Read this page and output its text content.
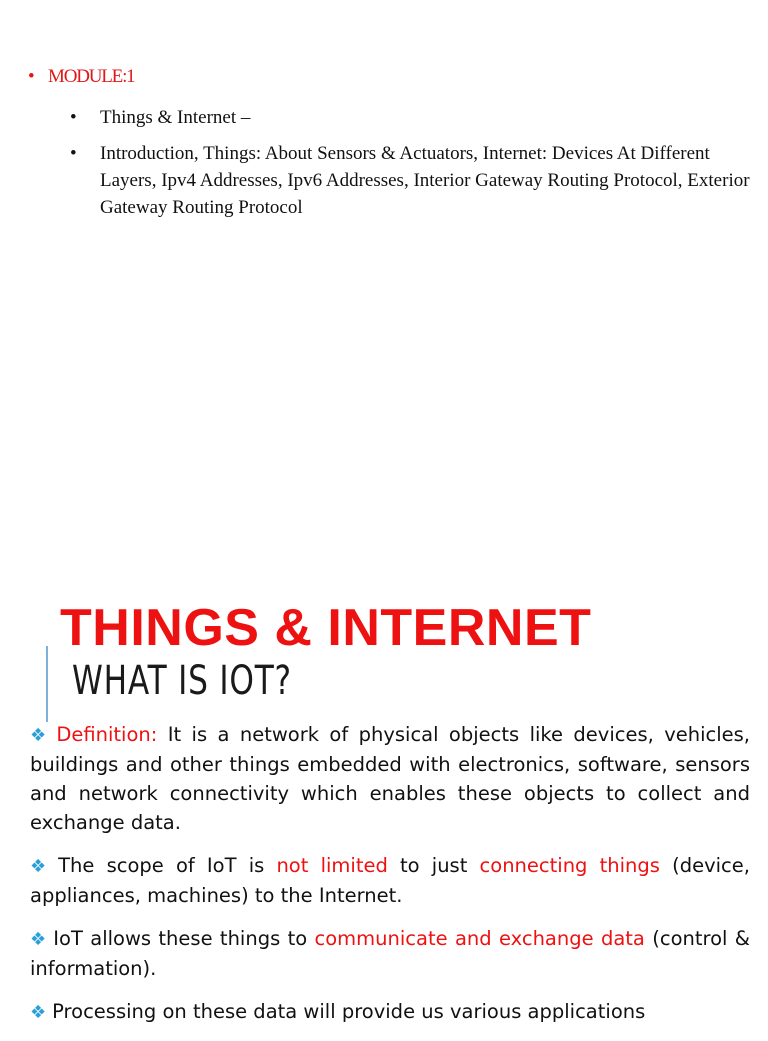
• MODULE:1
• Things & Internet –
• Introduction, Things: About Sensors & Actuators, Internet: Devices At Different Layers, Ipv4 Addresses, Ipv6 Addresses, Interior Gateway Routing Protocol, Exterior Gateway Routing Protocol
THINGS & INTERNET
WHAT IS IOT?
❖ Definition: It is a network of physical objects like devices, vehicles, buildings and other things embedded with electronics, software, sensors and network connectivity which enables these objects to collect and exchange data.
❖ The scope of IoT is not limited to just connecting things (device, appliances, machines) to the Internet.
❖ IoT allows these things to communicate and exchange data (control & information).
❖ Processing on these data will provide us various applications
